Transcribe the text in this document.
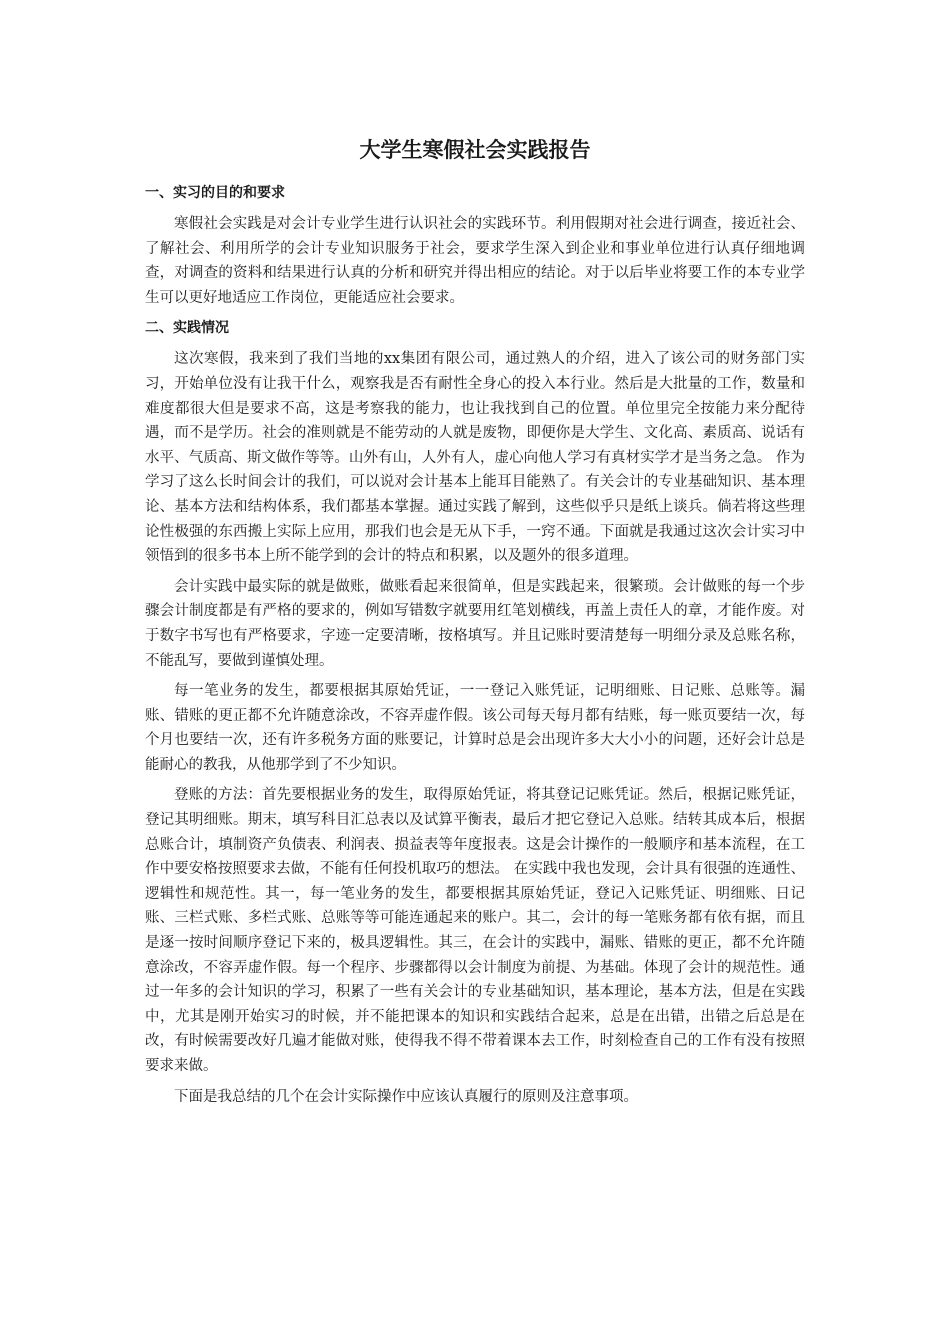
大学生寒假社会实践报告
一、实习的目的和要求

寒假社会实践是对会计专业学生进行认识社会的实践环节。利用假期对社会进行调查，接近社会、了解社会、利用所学的会计专业知识服务于社会，要求学生深入到企业和事业单位进行认真仔细地调查，对调查的资料和结果进行认真的分析和研究并得出相应的结论。对于以后毕业将要工作的本专业学生可以更好地适应工作岗位，更能适应社会要求。

二、实践情况

这次寒假，我来到了我们当地的xx集团有限公司，通过熟人的介绍，进入了该公司的财务部门实习，开始单位没有让我干什么，观察我是否有耐性全身心的投入本行业。然后是大批量的工作，数量和难度都很大但是要求不高，这是考察我的能力，也让我找到自己的位置。单位里完全按能力来分配待遇，而不是学历。社会的准则就是不能劳动的人就是废物，即便你是大学生、文化高、素质高、说话有水平、气质高、斯文做作等等。山外有山，人外有人，虚心向他人学习有真材实学才是当务之急。 作为学习了这么长时间会计的我们，可以说对会计基本上能耳目能熟了。有关会计的专业基础知识、基本理论、基本方法和结构体系，我们都基本掌握。通过实践了解到，这些似乎只是纸上谈兵。倘若将这些理论性极强的东西搬上实际上应用，那我们也会是无从下手，一窍不通。下面就是我通过这次会计实习中领悟到的很多书本上所不能学到的会计的特点和积累，以及题外的很多道理。

会计实践中最实际的就是做账，做账看起来很简单，但是实践起来，很繁琐。会计做账的每一个步骤会计制度都是有严格的要求的，例如写错数字就要用红笔划横线，再盖上责任人的章，才能作废。对于数字书写也有严格要求，字迹一定要清晰，按格填写。并且记账时要清楚每一明细分录及总账名称，不能乱写，要做到谨慎处理。

每一笔业务的发生，都要根据其原始凭证，一一登记入账凭证，记明细账、日记账、总账等。漏账、错账的更正都不允许随意涂改，不容弄虚作假。该公司每天每月都有结账，每一账页要结一次，每个月也要结一次，还有许多税务方面的账要记，计算时总是会出现许多大大小小的问题，还好会计总是能耐心的教我，从他那学到了不少知识。

登账的方法：首先要根据业务的发生，取得原始凭证，将其登记记账凭证。然后，根据记账凭证，登记其明细账。期末，填写科目汇总表以及试算平衡表，最后才把它登记入总账。结转其成本后，根据总账合计，填制资产负债表、利润表、损益表等年度报表。这是会计操作的一般顺序和基本流程，在工作中要安格按照要求去做，不能有任何投机取巧的想法。 在实践中我也发现，会计具有很强的连通性、逻辑性和规范性。其一，每一笔业务的发生，都要根据其原始凭证，登记入记账凭证、明细账、日记账、三栏式账、多栏式账、总账等等可能连通起来的账户。其二，会计的每一笔账务都有依有据，而且是逐一按时间顺序登记下来的，极具逻辑性。其三，在会计的实践中，漏账、错账的更正，都不允许随意涂改，不容弄虚作假。每一个程序、步骤都得以会计制度为前提、为基础。体现了会计的规范性。通过一年多的会计知识的学习，积累了一些有关会计的专业基础知识，基本理论，基本方法，但是在实践中，尤其是刚开始实习的时候，并不能把课本的知识和实践结合起来，总是在出错，出错之后总是在改，有时候需要改好几遍才能做对账，使得我不得不带着课本去工作，时刻检查自己的工作有没有按照要求来做。

下面是我总结的几个在会计实际操作中应该认真履行的原则及注意事项。
